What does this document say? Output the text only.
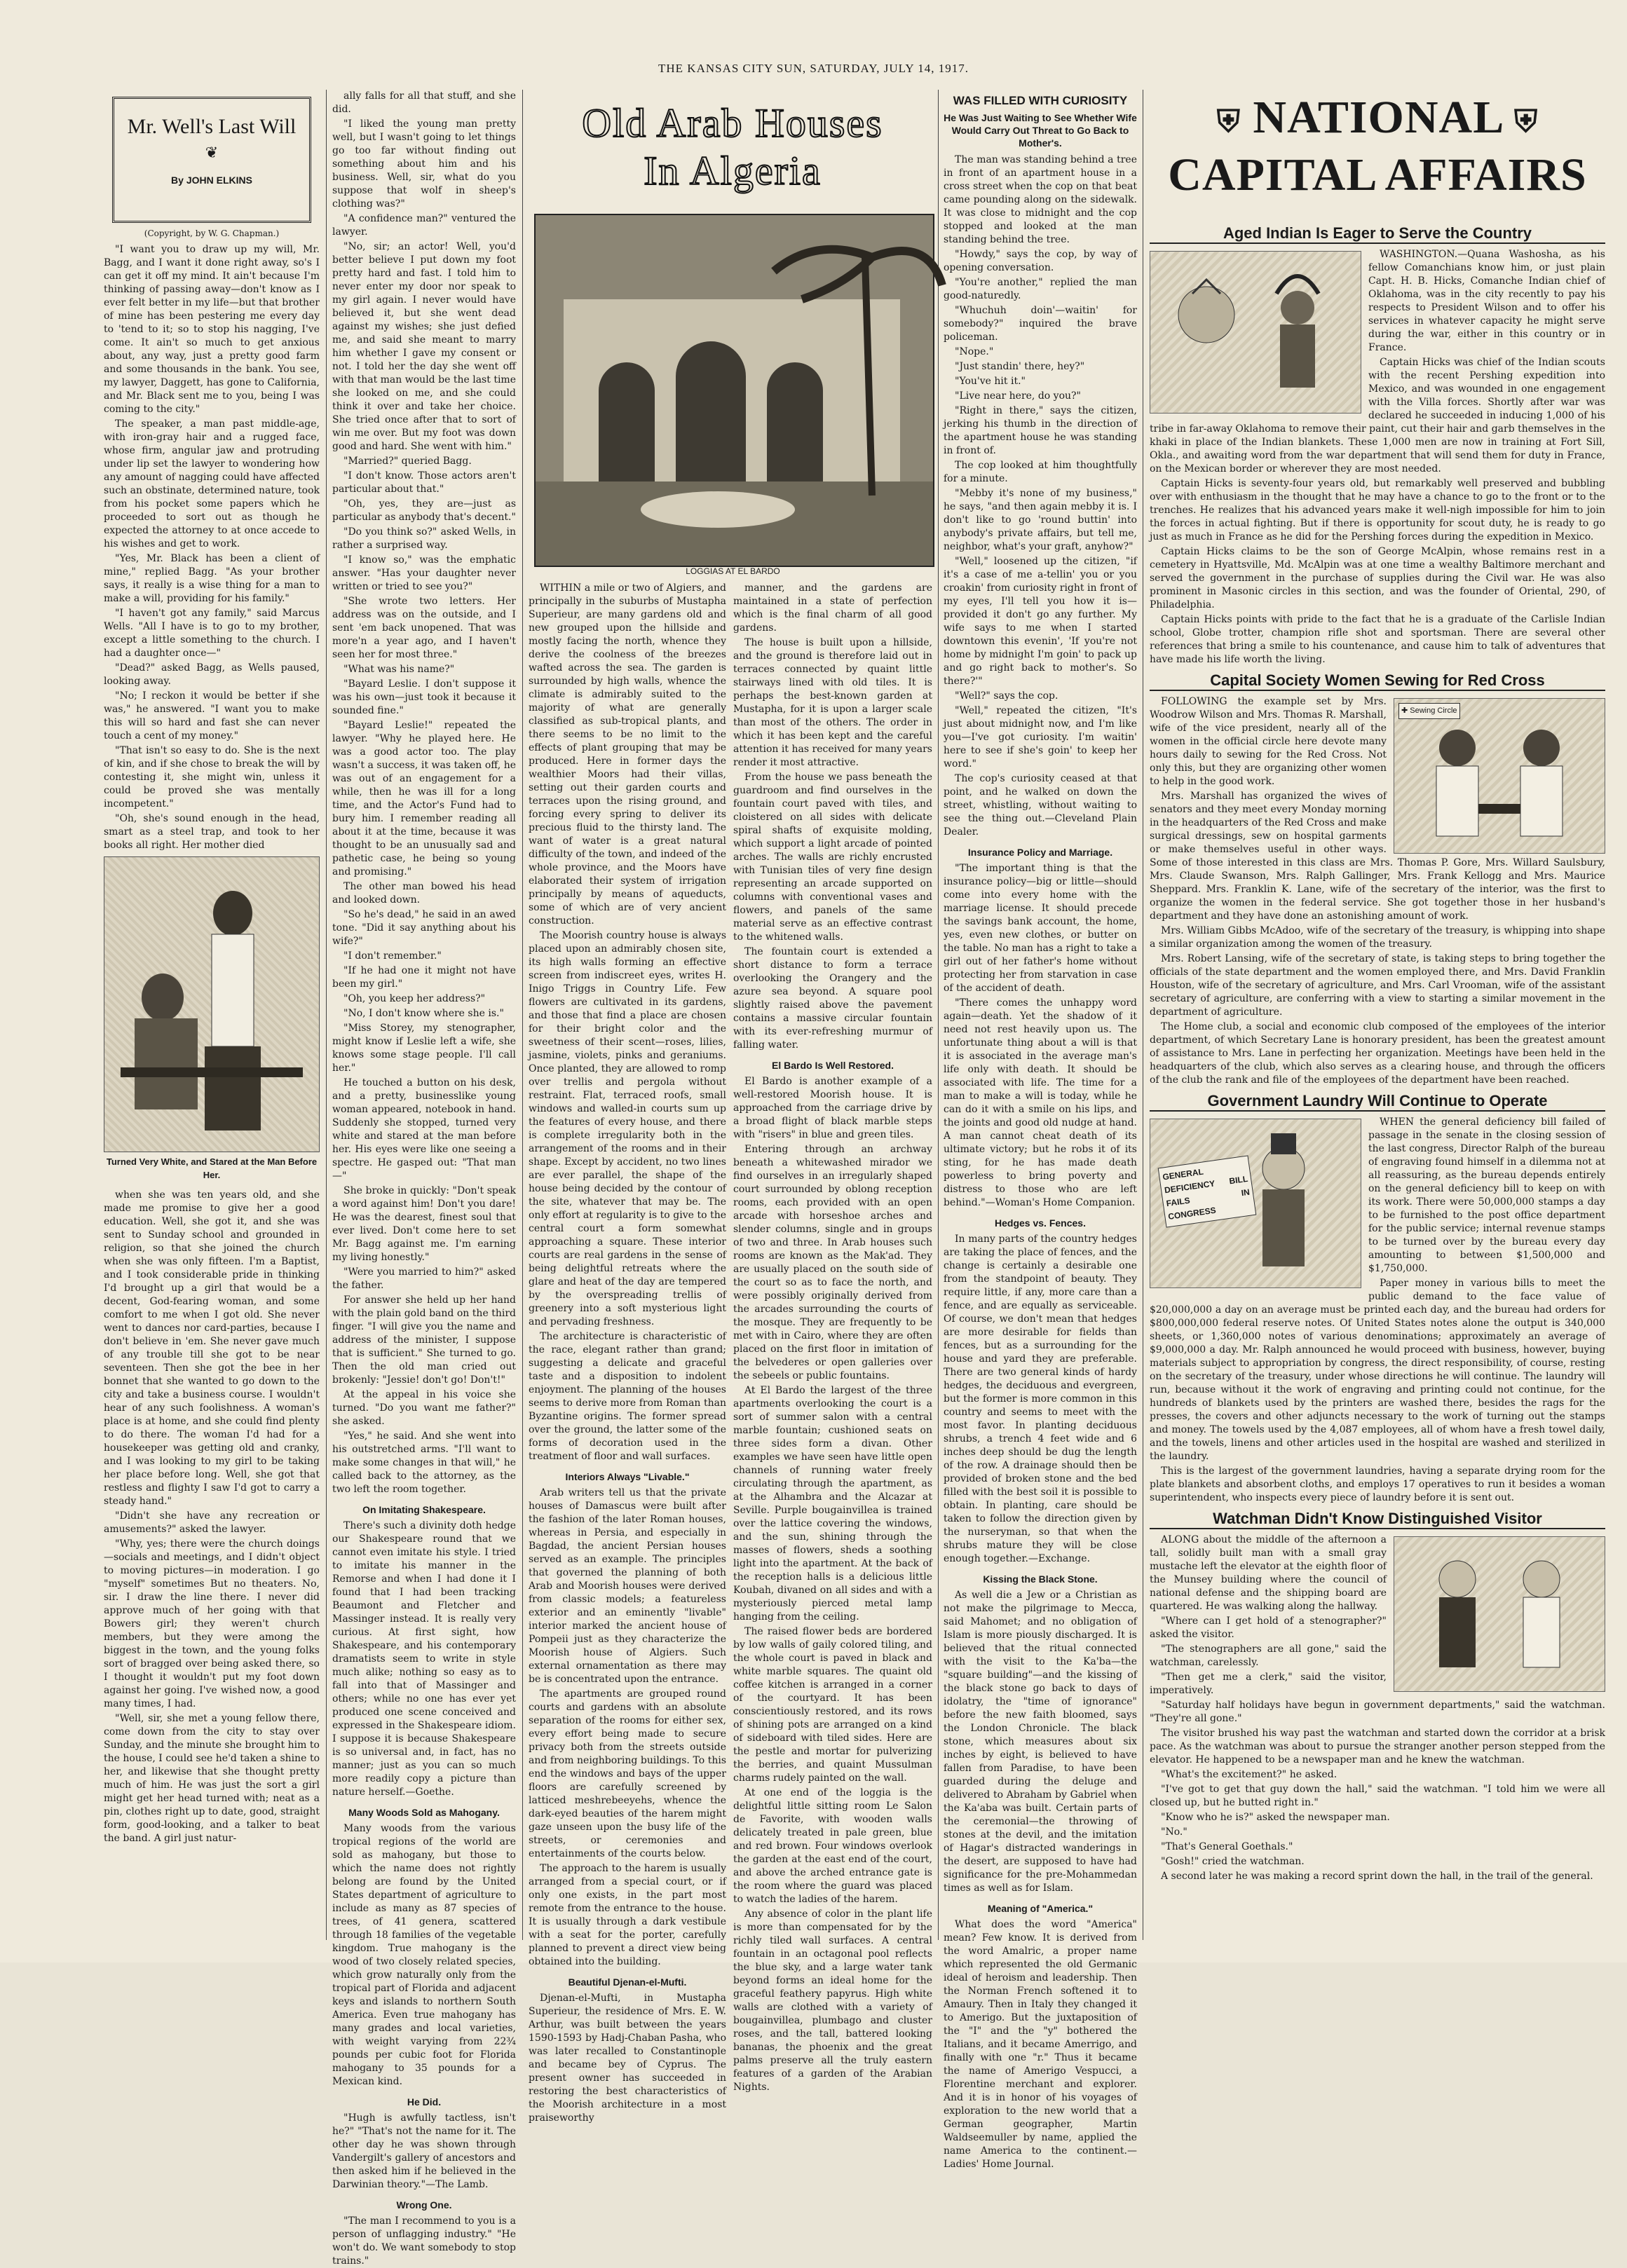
THE KANSAS CITY SUN, SATURDAY, JULY 14, 1917.
Mr. Well's Last Will
❦
By JOHN ELKINS
(Copyright, by W. G. Chapman.)

"I want you to draw up my will, Mr. Bagg, and I want it done right away, so's I can get it off my mind. It ain't because I'm thinking of passing away—don't know as I ever felt better in my life—but that brother of mine has been pestering me every day to 'tend to it; so to stop his nagging, I've come. It ain't so much to get anxious about, any way, just a pretty good farm and some thousands in the bank. You see, my lawyer, Daggett, has gone to California, and Mr. Black sent me to you, being I was coming to the city."

The speaker, a man past middle-age, with iron-gray hair and a rugged face, whose firm, angular jaw and protruding under lip set the lawyer to wondering how any amount of nagging could have affected such an obstinate, determined nature, took from his pocket some papers which he proceeded to sort out as though he expected the attorney to at once accede to his wishes and get to work.

"Yes, Mr. Black has been a client of mine," replied Bagg. "As your brother says, it really is a wise thing for a man to make a will, providing for his family."

"I haven't got any family," said Marcus Wells. "All I have is to go to my brother, except a little something to the church. I had a daughter once—"

"Dead?" asked Bagg, as Wells paused, looking away.

"No; I reckon it would be better if she was," he answered. "I want you to make this will so hard and fast she can never touch a cent of my money."

"That isn't so easy to do. She is the next of kin, and if she chose to break the will by contesting it, she might win, unless it could be proved she was mentally incompetent."

"Oh, she's sound enough in the head, smart as a steel trap, and took to her books all right. Her mother died

Turned Very White, and Stared at the Man Before Her.

when she was ten years old, and she made me promise to give her a good education. Well, she got it, and she was sent to Sunday school and grounded in religion, so that she joined the church when she was only fifteen. I'm a Baptist, and I took considerable pride in thinking I'd brought up a girl that would be a decent, God-fearing woman, and some comfort to me when I got old. She never went to dances nor card-parties, because I don't believe in 'em. She never gave much of any trouble till she got to be near seventeen. Then she got the bee in her bonnet that she wanted to go down to the city and take a business course. I wouldn't hear of any such foolishness. A woman's place is at home, and she could find plenty to do there. The woman I'd had for a housekeeper was getting old and cranky, and I was looking to my girl to be taking her place before long. Well, she got that restless and flighty I saw I'd got to carry a steady hand."

"Didn't she have any recreation or amusements?" asked the lawyer.

"Why, yes; there were the church doings—socials and meetings, and I didn't object to moving pictures—in moderation. I go "myself" sometimes But no theaters. No, sir. I draw the line there. I never did approve much of her going with that Bowers girl; they weren't church members, but they were among the biggest in the town, and the young folks sort of bragged over being asked there, so I thought it wouldn't put my foot down against her going. I've wished now, a good many times, I had.

"Well, sir, she met a young fellow there, come down from the city to stay over Sunday, and the minute she brought him to the house, I could see he'd taken a shine to her, and likewise that she thought pretty much of him. He was just the sort a girl might get her head turned with; neat as a pin, clothes right up to date, good, straight form, good-looking, and a talker to beat the band. A girl just natur-

ally falls for all that stuff, and she did.

"I liked the young man pretty well, but I wasn't going to let things go too far without finding out something about him and his business. Well, sir, what do you suppose that wolf in sheep's clothing was?"

"A confidence man?" ventured the lawyer.

"No, sir; an actor! Well, you'd better believe I put down my foot pretty hard and fast. I told him to never enter my door nor speak to my girl again. I never would have believed it, but she went dead against my wishes; she just defied me, and said she meant to marry him whether I gave my consent or not. I told her the day she went off with that man would be the last time she looked on me, and she could think it over and take her choice. She tried once after that to sort of win me over. But my foot was down good and hard. She went with him."

"Married?" queried Bagg.

"I don't know. Those actors aren't particular about that."

"Oh, yes, they are—just as particular as anybody that's decent."

"Do you think so?" asked Wells, in rather a surprised way.

"I know so," was the emphatic answer. "Has your daughter never written or tried to see you?"

"She wrote two letters. Her address was on the outside, and I sent 'em back unopened. That was more'n a year ago, and I haven't seen her for most three."

"What was his name?"

"Bayard Leslie. I don't suppose it was his own—just took it because it sounded fine."

"Bayard Leslie!" repeated the lawyer. "Why he played here. He was a good actor too. The play wasn't a success, it was taken off, he was out of an engagement for a while, then he was ill for a long time, and the Actor's Fund had to bury him. I remember reading all about it at the time, because it was thought to be an unusually sad and pathetic case, he being so young and promising."

The other man bowed his head and looked down.

"So he's dead," he said in an awed tone. "Did it say anything about his wife?"

"I don't remember."

"If he had one it might not have been my girl."

"Oh, you keep her address?"

"No, I don't know where she is."

"Miss Storey, my stenographer, might know if Leslie left a wife, she knows some stage people. I'll call her."

He touched a button on his desk, and a pretty, businesslike young woman appeared, notebook in hand. Suddenly she stopped, turned very white and stared at the man before her. His eyes were like one seeing a spectre. He gasped out: "That man—"

She broke in quickly: "Don't speak a word against him! Don't you dare! He was the dearest, finest soul that ever lived. Don't come here to set Mr. Bagg against me. I'm earning my living honestly."

"Were you married to him?" asked the father.

For answer she held up her hand with the plain gold band on the third finger. "I will give you the name and address of the minister, I suppose that is sufficient." She turned to go. Then the old man cried out brokenly: "Jessie! don't go! Don't!"

At the appeal in his voice she turned. "Do you want me father?" she asked.

"Yes," he said. And she went into his outstretched arms. "I'll want to make some changes in that will," he called back to the attorney, as the two left the room together.

On Imitating Shakespeare.

There's such a divinity doth hedge our Shakespeare round that we cannot even imitate his style. I tried to imitate his manner in the Remorse and when I had done it I found that I had been tracking Beaumont and Fletcher and Massinger instead. It is really very curious. At first sight, how Shakespeare, and his contemporary dramatists seem to write in style much alike; nothing so easy as to fall into that of Massinger and others; while no one has ever yet produced one scene conceived and expressed in the Shakespeare idiom. I suppose it is because Shakespeare is so universal and, in fact, has no manner; just as you can so much more readily copy a picture than nature herself.—Goethe.

Many Woods Sold as Mahogany.

Many woods from the various tropical regions of the world are sold as mahogany, but those to which the name does not rightly belong are found by the United States department of agriculture to include as many as 87 species of trees, of 41 genera, scattered through 18 families of the vegetable kingdom. True mahogany is the wood of two closely related species, which grow naturally only from the tropical part of Florida and adjacent keys and islands to northern South America. Even true mahogany has many grades and local varieties, with weight varying from 22¾ pounds per cubic foot for Florida mahogany to 35 pounds for a Mexican kind.

He Did.

"Hugh is awfully tactless, isn't he?" "That's not the name for it. The other day he was shown through Vandergilt's gallery of ancestors and then asked him if he believed in the Darwinian theory."—The Lamb.

Wrong One.

"The man I recommend to you is a person of unflagging industry." "He won't do. We want somebody to stop trains."

Old Arab Houses
In Algeria
LOGGIAS AT EL BARDO

WITHIN a mile or two of Algiers, and principally in the suburbs of Mustapha Superieur, are many gardens old and new grouped upon the hillside and mostly facing the north, whence they derive the coolness of the breezes wafted across the sea. The garden is surrounded by high walls, whence the climate is admirably suited to the majority of what are generally classified as sub-tropical plants, and there seems to be no limit to the effects of plant grouping that may be produced. Here in former days the wealthier Moors had their villas, setting out their garden courts and terraces upon the rising ground, and forcing every spring to deliver its precious fluid to the thirsty land. The want of water is a great natural difficulty of the town, and indeed of the whole province, and the Moors have elaborated their system of irrigation principally by means of aqueducts, some of which are of very ancient construction.

The Moorish country house is always placed upon an admirably chosen site, its high walls forming an effective screen from indiscreet eyes, writes H. Inigo Triggs in Country Life. Few flowers are cultivated in its gardens, and those that find a place are chosen for their bright color and the sweetness of their scent—roses, lilies, jasmine, violets, pinks and geraniums. Once planted, they are allowed to romp over trellis and pergola without restraint. Flat, terraced roofs, small windows and walled-in courts sum up the features of every house, and there is complete irregularity both in the arrangement of the rooms and in their shape. Except by accident, no two lines are ever parallel, the shape of the house being decided by the contour of the site, whatever that may be. The only effort at regularity is to give to the central court a form somewhat approaching a square. These interior courts are real gardens in the sense of being delightful retreats where the glare and heat of the day are tempered by the overspreading trellis of greenery into a soft mysterious light and pervading freshness.

The architecture is characteristic of the race, elegant rather than grand; suggesting a delicate and graceful taste and a disposition to indolent enjoyment. The planning of the houses seems to derive more from Roman than Byzantine origins. The former spread over the ground, the latter some of the forms of decoration used in the treatment of floor and wall surfaces.

Interiors Always "Livable."

Arab writers tell us that the private houses of Damascus were built after the fashion of the later Roman houses, whereas in Persia, and especially in Bagdad, the ancient Persian houses served as an example. The principles that governed the planning of both Arab and Moorish houses were derived from classic models; a featureless exterior and an eminently "livable" interior marked the ancient house of Pompeii just as they characterize the Moorish house of Algiers. Such external ornamentation as there may be is concentrated upon the entrance.

The apartments are grouped round courts and gardens with an absolute separation of the rooms for either sex, every effort being made to secure privacy both from the streets outside and from neighboring buildings. To this end the windows and bays of the upper floors are carefully screened by latticed meshrebeeyehs, whence the dark-eyed beauties of the harem might gaze unseen upon the busy life of the streets, or ceremonies and entertainments of the courts below.

The approach to the harem is usually arranged from a special court, or if only one exists, in the part most remote from the entrance to the house. It is usually through a dark vestibule with a seat for the porter, carefully planned to prevent a direct view being obtained into the building.

Beautiful Djenan-el-Mufti.

Djenan-el-Mufti, in Mustapha Superieur, the residence of Mrs. E. W. Arthur, was built between the years 1590-1593 by Hadj-Chaban Pasha, who was later recalled to Constantinople and became bey of Cyprus. The present owner has succeeded in restoring the best characteristics of the Moorish architecture in a most praiseworthy

manner, and the gardens are maintained in a state of perfection which is the final charm of all good gardens.

The house is built upon a hillside, and the ground is therefore laid out in terraces connected by quaint little stairways lined with old tiles. It is perhaps the best-known garden at Mustapha, for it is upon a larger scale than most of the others. The order in which it has been kept and the careful attention it has received for many years render it most attractive.

From the house we pass beneath the guardroom and find ourselves in the fountain court paved with tiles, and cloistered on all sides with delicate spiral shafts of exquisite molding, which support a light arcade of pointed arches. The walls are richly encrusted with Tunisian tiles of very fine design representing an arcade supported on columns with conventional vases and flowers, and panels of the same material serve as an effective contrast to the whitened walls.

The fountain court is extended a short distance to form a terrace overlooking the Orangery and the azure sea beyond. A square pool slightly raised above the pavement contains a massive circular fountain with its ever-refreshing murmur of falling water.

El Bardo Is Well Restored.

El Bardo is another example of a well-restored Moorish house. It is approached from the carriage drive by a broad flight of black marble steps with "risers" in blue and green tiles.

Entering through an archway beneath a whitewashed mirador we find ourselves in an irregularly shaped court surrounded by oblong reception rooms, each provided with an open arcade with horseshoe arches and slender columns, single and in groups of two and three. In Arab houses such rooms are known as the Mak'ad. They are usually placed on the south side of the court so as to face the north, and were possibly originally derived from the arcades surrounding the courts of the mosque. They are frequently to be met with in Cairo, where they are often placed on the first floor in imitation of the belvederes or open galleries over the sebeels or public fountains.

At El Bardo the largest of the three apartments overlooking the court is a sort of summer salon with a central marble fountain; cushioned seats on three sides form a divan. Other examples we have seen have little open channels of running water freely circulating through the apartment, as at the Alhambra and the Alcazar at Seville. Purple bougainvillea is trained over the lattice covering the windows, and the sun, shining through the masses of flowers, sheds a soothing light into the apartment. At the back of the reception halls is a delicious little Koubah, divaned on all sides and with a mysteriously pierced metal lamp hanging from the ceiling.

The raised flower beds are bordered by low walls of gaily colored tiling, and the whole court is paved in black and white marble squares. The quaint old coffee kitchen is arranged in a corner of the courtyard. It has been conscientiously restored, and its rows of shining pots are arranged on a kind of sideboard with tiled sides. Here are the pestle and mortar for pulverizing the berries, and quaint Mussulman charms rudely painted on the wall.

At one end of the loggia is the delightful little sitting room Le Salon de Favorite, with wooden walls delicately treated in pale green, blue and red brown. Four windows overlook the garden at the east end of the court, and above the arched entrance gate is the room where the guard was placed to watch the ladies of the harem.

Any absence of color in the plant life is more than compensated for by the richly tiled wall surfaces. A central fountain in an octagonal pool reflects the blue sky, and a large water tank beyond forms an ideal home for the graceful feathery papyrus. High white walls are clothed with a variety of bougainvillea, plumbago and cluster roses, and the tall, battered looking bananas, the phoenix and the great palms preserve all the truly eastern features of a garden of the Arabian Nights.

WAS FILLED WITH CURIOSITY
He Was Just Waiting to See Whether Wife Would Carry Out Threat to Go Back to Mother's.

The man was standing behind a tree in front of an apartment house in a cross street when the cop on that beat came pounding along on the sidewalk. It was close to midnight and the cop stopped and looked at the man standing behind the tree.

"Howdy," says the cop, by way of opening conversation.

"You're another," replied the man good-naturedly.

"Whuchuh doin'—waitin' for somebody?" inquired the brave policeman.

"Nope."

"Just standin' there, hey?"

"You've hit it."

"Live near here, do you?"

"Right in there," says the citizen, jerking his thumb in the direction of the apartment house he was standing in front of.

The cop looked at him thoughtfully for a minute.

"Mebby it's none of my business," he says, "and then again mebby it is. I don't like to go 'round buttin' into anybody's private affairs, but tell me, neighbor, what's your graft, anyhow?"

"Well," loosened up the citizen, "if it's a case of me a-tellin' you or you croakin' from curiosity right in front of my eyes, I'll tell you how it is—provided it don't go any further. My wife says to me when I started downtown this evenin', 'If you're not home by midnight I'm goin' to pack up and go right back to mother's. So there?'"

"Well?" says the cop.

"Well," repeated the citizen, "It's just about midnight now, and I'm like you—I've got curiosity. I'm waitin' here to see if she's goin' to keep her word."

The cop's curiosity ceased at that point, and he walked on down the street, whistling, without waiting to see the thing out.—Cleveland Plain Dealer.

Insurance Policy and Marriage.

"The important thing is that the insurance policy—big or little—should come into every home with the marriage license. It should precede the savings bank account, the home, yes, even new clothes, or butter on the table. No man has a right to take a girl out of her father's home without protecting her from starvation in case of the accident of death.

"There comes the unhappy word again—death. Yet the shadow of it need not rest heavily upon us. The unfortunate thing about a will is that it is associated in the average man's life only with death. It should be associated with life. The time for a man to make a will is today, while he can do it with a smile on his lips, and the joints and good old nudge at hand. A man cannot cheat death of its ultimate victory; but he robs it of its sting, for he has made death powerless to bring poverty and distress to those who are left behind."—Woman's Home Companion.

Hedges vs. Fences.

In many parts of the country hedges are taking the place of fences, and the change is certainly a desirable one from the standpoint of beauty. They require little, if any, more care than a fence, and are equally as serviceable. Of course, we don't mean that hedges are more desirable for fields than fences, but as a surrounding for the house and yard they are preferable. There are two general kinds of hardy hedges, the deciduous and evergreen, but the former is more common in this country and seems to meet with the most favor. In planting deciduous shrubs, a trench 4 feet wide and 6 inches deep should be dug the length of the row. A drainage should then be provided of broken stone and the bed filled with the best soil it is possible to obtain. In planting, care should be taken to follow the direction given by the nurseryman, so that when the shrubs mature they will be close enough together.—Exchange.

Kissing the Black Stone.

As well die a Jew or a Christian as not make the pilgrimage to Mecca, said Mahomet; and no obligation of Islam is more piously discharged. It is believed that the ritual connected with the visit to the Ka'ba—the "square building"—and the kissing of the black stone go back to days of idolatry, the "time of ignorance" before the new faith bloomed, says the London Chronicle. The black stone, which measures about six inches by eight, is believed to have fallen from Paradise, to have been guarded during the deluge and delivered to Abraham by Gabriel when the Ka'aba was built. Certain parts of the ceremonial—the throwing of stones at the devil, and the imitation of Hagar's distracted wanderings in the desert, are supposed to have had significance for the pre-Mohammedan times as well as for Islam.

Meaning of "America."

What does the word "America" mean? Few know. It is derived from the word Amalric, a proper name which represented the old Germanic ideal of heroism and leadership. Then the Norman French softened it to Amaury. Then in Italy they changed it to Amerigo. But the juxtaposition of the "I" and the "y" bothered the Italians, and it became Amerrigo, and finally with one "r." Thus it became the name of Amerigo Vespucci, a Florentine merchant and explorer. And it is in honor of his voyages of exploration to the new world that a German geographer, Martin Waldseemuller by name, applied the name America to the continent.—Ladies' Home Journal.

⛨ NATIONAL ⛨
CAPITAL AFFAIRS
Aged Indian Is Eager to Serve the Country

WASHINGTON.—Quana Washosha, as his fellow Comanchians know him, or just plain Capt. H. B. Hicks, Comanche Indian chief of Oklahoma, was in the city recently to pay his respects to President Wilson and to offer his services in whatever capacity he might serve during the war, either in this country or in France.

Captain Hicks was chief of the Indian scouts with the recent Pershing expedition into Mexico, and was wounded in one engagement with the Villa forces. Shortly after war was declared he succeeded in inducing 1,000 of his tribe in far-away Oklahoma to remove their paint, cut their hair and garb themselves in the khaki in place of the Indian blankets. These 1,000 men are now in training at Fort Sill, Okla., and awaiting word from the war department that will send them for duty in France, on the Mexican border or wherever they are most needed.

Captain Hicks is seventy-four years old, but remarkably well preserved and bubbling over with enthusiasm in the thought that he may have a chance to go to the front or to the trenches. He realizes that his advanced years make it well-nigh impossible for him to join the forces in actual fighting. But if there is opportunity for scout duty, he is ready to go just as much in France as he did for the Pershing forces during the expedition in Mexico.

Captain Hicks claims to be the son of George McAlpin, whose remains rest in a cemetery in Hyattsville, Md. McAlpin was at one time a wealthy Baltimore merchant and served the government in the purchase of supplies during the Civil war. He was also prominent in Masonic circles in this section, and was the founder of Oriental, 290, of Philadelphia.

Captain Hicks points with pride to the fact that he is a graduate of the Carlisle Indian school, Globe trotter, champion rifle shot and sportsman. There are several other references that bring a smile to his countenance, and cause him to talk of adventures that have made his life worth the living.

Capital Society Women Sewing for Red Cross
✚ Sewing Circle

FOLLOWING the example set by Mrs. Woodrow Wilson and Mrs. Thomas R. Marshall, wife of the vice president, nearly all of the women in the official circle here devote many hours daily to sewing for the Red Cross. Not only this, but they are organizing other women to help in the good work.

Mrs. Marshall has organized the wives of senators and they meet every Monday morning in the headquarters of the Red Cross and make surgical dressings, sew on hospital garments or make themselves useful in other ways. Some of those interested in this class are Mrs. Thomas P. Gore, Mrs. Willard Saulsbury, Mrs. Claude Swanson, Mrs. Ralph Gallinger, Mrs. Frank Kellogg and Mrs. Maurice Sheppard. Mrs. Franklin K. Lane, wife of the secretary of the interior, was the first to organize the women in the federal service. She got together those in her husband's department and they have done an astonishing amount of work.

Mrs. William Gibbs McAdoo, wife of the secretary of the treasury, is whipping into shape a similar organization among the women of the treasury.

Mrs. Robert Lansing, wife of the secretary of state, is taking steps to bring together the officials of the state department and the women employed there, and Mrs. David Franklin Houston, wife of the secretary of agriculture, and Mrs. Carl Vrooman, wife of the assistant secretary of agriculture, are conferring with a view to starting a similar movement in the department of agriculture.

The Home club, a social and economic club composed of the employees of the interior department, of which Secretary Lane is honorary president, has been the greatest amount of assistance to Mrs. Lane in perfecting her organization. Meetings have been held in the headquarters of the club, which also serves as a clearing house, and through the officers of the club the rank and file of the employees of the department have been reached.

Government Laundry Will Continue to Operate
GENERAL DEFICIENCY BILL FAILS IN CONGRESS

WHEN the general deficiency bill failed of passage in the senate in the closing session of the last congress, Director Ralph of the bureau of engraving found himself in a dilemma not at all reassuring, as the bureau depends entirely on the general deficiency bill to keep on with its work. There were 50,000,000 stamps a day to be furnished to the post office department for the public service; internal revenue stamps to be turned over by the bureau every day amounting to between $1,500,000 and $1,750,000.

Paper money in various bills to meet the public demand to the face value of $20,000,000 a day on an average must be printed each day, and the bureau had orders for $800,000,000 federal reserve notes. Of United States notes alone the output is 340,000 sheets, or 1,360,000 notes of various denominations; approximately an average of $9,000,000 a day. Mr. Ralph announced he would proceed with business, however, buying materials subject to appropriation by congress, the direct responsibility, of course, resting on the secretary of the treasury, under whose directions he will continue. The laundry will run, because without it the work of engraving and printing could not continue, for the hundreds of blankets used by the printers are washed there, besides the rags for the presses, the covers and other adjuncts necessary to the work of turning out the stamps and money. The towels used by the 4,087 employees, all of whom have a fresh towel daily, and the towels, linens and other articles used in the hospital are washed and sterilized in the laundry.

This is the largest of the government laundries, having a separate drying room for the plate blankets and absorbent cloths, and employs 17 operatives to run it besides a woman superintendent, who inspects every piece of laundry before it is sent out.

Watchman Didn't Know Distinguished Visitor

ALONG about the middle of the afternoon a tall, solidly built man with a small gray mustache left the elevator at the eighth floor of the Munsey building where the council of national defense and the shipping board are quartered. He was walking along the hallway.

"Where can I get hold of a stenographer?" asked the visitor.

"The stenographers are all gone," said the watchman, carelessly.

"Then get me a clerk," said the visitor, imperatively.

"Saturday half holidays have begun in government departments," said the watchman. "They're all gone."

The visitor brushed his way past the watchman and started down the corridor at a brisk pace. As the watchman was about to pursue the stranger another person stepped from the elevator. He happened to be a newspaper man and he knew the watchman.

"What's the excitement?" he asked.

"I've got to get that guy down the hall," said the watchman. "I told him we were all closed up, but he butted right in."

"Know who he is?" asked the newspaper man.

"No."

"That's General Goethals."

"Gosh!" cried the watchman.

A second later he was making a record sprint down the hall, in the trail of the general.
